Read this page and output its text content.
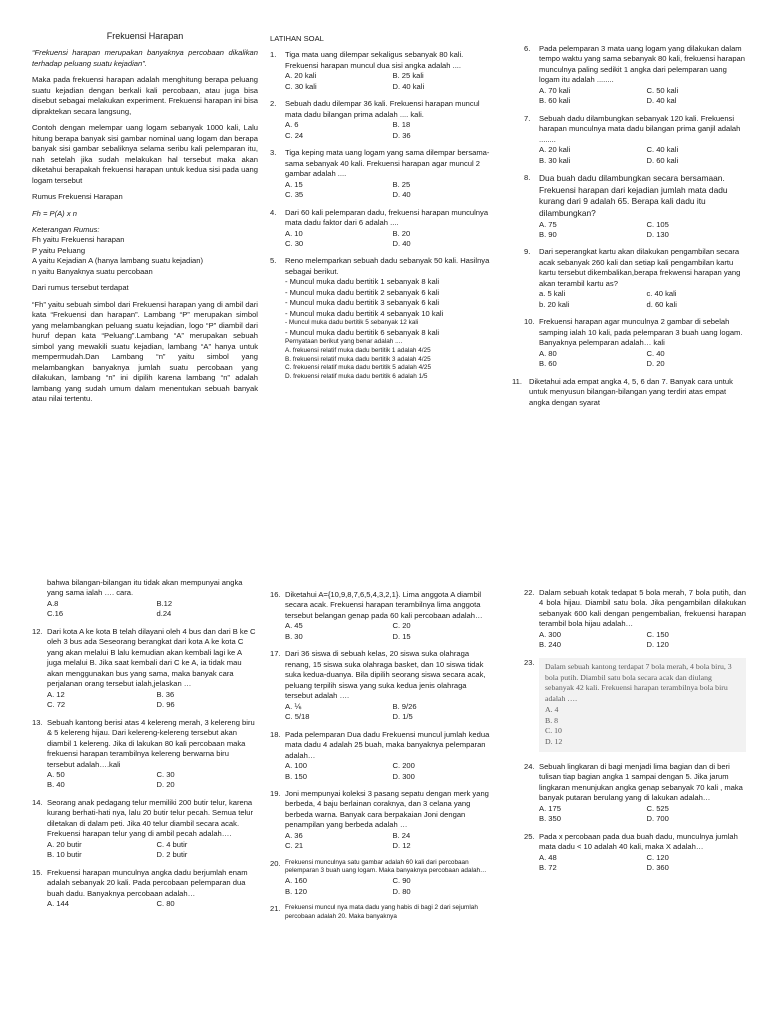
Frekuensi Harapan

“Frekuensi harapan merupakan banyaknya percobaan dikalikan terhadap peluang suatu kejadian”.

Maka pada frekuensi harapan adalah menghitung berapa peluang suatu kejadian dengan berkali kali percobaan, atau juga bisa disebut sebagai melakukan experiment. Frekuensi harapan ini bisa dipraktekan secara langsung,

Contoh dengan melempar uang logam sebanyak 1000 kali, Lalu hitung berapa banyak sisi gambar nominal uang logam dan berapa banyak sisi gambar sebaliknya selama seribu kali pelemparan itu, nah setelah jika sudah melakukan hal tersebut maka akan diketahui berapakah frekuensi harapan untuk kedua sisi pada uang logam tersebut

Rumus Frekuensi Harapan

Fh = P(A) x n

Keterangan Rumus:
Fh yaitu Frekuensi harapan
P yaitu Peluang
A yaitu Kejadian A (hanya lambang suatu kejadian)

n yaitu Banyaknya suatu percobaan

Dari rumus tersebut terdapat

“Fh” yaitu sebuah simbol dari Frekuensi harapan yang di ambil dari kata “Frekuensi dan harapan”. Lambang “P” merupakan simbol yang melambangkan peluang suatu kejadian, logo “P” diambil dari huruf depan kata “Peluang”.Lambang “A” merupakan sebuah simbol yang mewakili suatu kejadian, lambang “A” hanya untuk mempermudah.Dan Lambang “n” yaitu simbol yang melambangkan banyaknya jumlah suatu percobaan yang dilakukan, lambang “n” ini dipilih karena lambang “n” adalah lambang yang sudah umum dalam menentukan sebuah banyak atau nilai tertentu.

LATIHAN SOAL
1.	Tiga mata uang dilempar sekaligus sebanyak 80 kali. Frekuensi harapan muncul dua sisi angka adalah ....
A. 20 kali	B. 25 kali
C. 30 kali	D. 40 kali
2.	Sebuah dadu dilempar 36 kali. Frekuensi harapan muncul mata dadu bilangan prima adalah .... kali.
A. 6	B. 18
C. 24	D. 36
3.	Tiga keping mata uang logam yang sama dilempar bersama-sama sebanyak 40 kali. Frekuensi harapan agar muncul 2 gambar adalah ....
A. 15	B. 25
C. 35	D. 40
4.	Dari 60 kali pelemparan dadu, frekuensi harapan munculnya mata dadu faktor dari 6 adalah ....
A. 10	B. 20
C. 30	D. 40
5.	Reno melemparkan sebuah dadu sebanyak 50 kali. Hasilnya sebagai berikut.
- Muncul muka dadu bertitik 1 sebanyak 8 kali
- Muncul muka dadu bertitik 2 sebanyak 6 kali
- Muncul muka dadu bertitik 3 sebanyak 6 kali
- Muncul muka dadu bertitik 4 sebanyak 10 kali
- Muncul muka dadu bertitik 5 sebanyak 12 kali
- Muncul muka dadu bertitik 6 sebanyak 8 kali
Pernyataan berikut yang benar adalah ....
A. frekuensi relatif muka dadu bertitik 1 adalah 4/25
B. frekuensi relatif muka dadu bertitik 3 adalah 4/25
C. frekuensi relatif muka dadu bertitik 5 adalah 4/25
D. frekuensi relatif muka dadu bertitik 6 adalah 1/5
6.	Pada pelemparan 3 mata uang logam yang dilakukan dalam tempo waktu yang sama sebanyak 80 kali, frekuensi harapan munculnya paling sedikit 1 angka dari pelemparan uang logam itu adalah ........
A. 70 kali	C. 50 kali
B. 60 kali	D. 40 kal
7.	Sebuah dadu dilambungkan sebanyak 120 kali. Frekuensi harapan munculnya mata dadu bilangan prima ganjil adalah ........
A. 20 kali	C. 40 kali
B. 30 kali	D. 60 kali
8.	Dua buah dadu dilambungkan secara bersamaan. Frekuensi harapan dari kejadian jumlah mata dadu kurang dari 9 adalah 65. Berapa kali dadu itu dilambungkan?
A. 75	C. 105
B. 90	D. 130
9.	Dari seperangkat kartu akan dilakukan pengambilan secara acak sebanyak 260 kali dan setiap kali pengambilan kartu kartu tersebut dikembalikan,berapa frekwensi harapan yang akan terambil kartu as?
a. 5 kali	c. 40 kali
b. 20 kali	d. 60 kali
10. Frekuensi harapan agar munculnya 2 gambar di sebelah samping ialah 10 kali, pada pelemparan 3 buah uang logam. Banyaknya pelemparan adalah… kali
A. 80	C. 40
B. 60	D. 20
11. Diketahui ada empat angka 4, 5, 6 dan 7. Banyak cara untuk untuk menyusun bilangan-bilangan yang terdiri atas empat angka dengan syarat
bahwa bilangan-bilangan itu tidak akan mempunyai angka yang sama ialah …. cara.
A.8	B.12
C.16	d.24
12. Dari kota A ke kota B telah dilayani oleh 4 bus dan dari B ke C oleh 3 bus ada Seseorang berangkat dari kota A ke kota C yang akan melalui B lalu kemudian akan kembali lagi ke A juga melalui B. Jika saat kembali dari C ke A, ia tidak mau akan menggunakan bus yang sama, maka banyak cara perjalanan orang tersebut ialah,jelaskan …
A. 12	B. 36
C. 72	D. 96
13. Sebuah kantong berisi atas 4 kelereng merah, 3 kelereng biru & 5 kelereng hijau. Dari kelereng-kelereng tersebut akan diambil 1 kelereng. Jika di lakukan 80 kali percobaan maka frekuensi harapan terambilnya kelereng berwarna biru tersebut adalah….kali
A. 50	C. 30
B. 40	D. 20
14. Seorang anak pedagang telur memiliki 200 butir telur, karena kurang berhati-hati nya, lalu 20 butir telur pecah. Semua telur diletakan di dalam peti. Jika 40 telur diambil secara acak. Frekuensi harapan telur yang di ambil pecah adalah….
A. 20 butir	C. 4 butir
B. 10 butir	D. 2 butir
15. Frekuensi harapan munculnya angka dadu berjumlah enam adalah sebanyak 20 kali. Pada percobaan pelemparan dua buah dadu. Banyaknya percobaan adalah…
A. 144	C. 80
16. Diketahui A={10,9,8,7,6,5,4,3,2,1}. Lima anggota A diambil secara acak. Frekuensi harapan terambilnya lima anggota tersebut belangan genap pada 60 kali percobaan adalah…
A. 45	C. 20
B. 30	D. 15
17. Dari 36 siswa di sebuah kelas, 20 siswa suka olahraga renang, 15 siswa suka olahraga basket, dan 10 siswa tidak suka kedua-duanya. Bila dipilih seorang siswa secara acak, peluang terpilih siswa yang suka kedua jenis olahraga tersebut adalah ….
A. ⅙	B. 9/26
C. 5/18	D. 1/5
18. Pada pelemparan Dua dadu Frekuensi muncul jumlah kedua mata dadu 4 adalah 25 buah, maka banyaknya pelemparan adalah…
A. 100	C. 200
B. 150	D. 300
19. Joni mempunyai koleksi 3 pasang sepatu dengan merk yang berbeda, 4 baju berlainan coraknya, dan 3 celana yang berbeda warna. Banyak cara berpakaian Joni dengan penampilan yang berbeda adalah …
A. 36	B. 24
C. 21	D. 12
20. Frekuensi munculnya satu gambar adalah 60 kali dari percobaan pelemparan 3 buah uang logam. Maka banyaknya percobaan adalah…
A. 160	C. 90
B. 120	D. 80
21. Frekuensi muncul nya mata dadu yang habis di bagi 2 dari sejumlah percobaan adalah 20. Maka banyaknya
22. Dalam sebuah kotak tedapat 5 bola merah, 7 bola putih, dan 4 bola hijau. Diambil satu bola. Jika pengambilan dilakukan sebanyak 600 kali dengan pengembalian, frekuensi harapan terambil bola hijau adalah…
A. 300	C. 150
B. 240	D. 120
23.	Dalam sebuah kantong terdapat 7 bola merah, 4 bola biru, 3 bola putih. Diambil satu bola secara acak dan diulang sebanyak 42 kali. Frekuensi harapan terambilnya bola biru adalah ….
A. 4
B. 8
C. 10
D. 12
24. Sebuah lingkaran di bagi menjadi lima bagian dan di beri tulisan tiap bagian angka 1 sampai dengan 5. Jika jarum lingkaran menunjukan angka genap sebanyak 70 kali , maka banyak putaran berulang yang di lakukan adalah…
A. 175	C. 525
B. 350	D. 700
25. Pada x percobaan pada dua buah dadu, munculnya jumlah mata dadu < 10 adalah 40 kali, maka X adalah…
A. 48	C. 120
B. 72	D. 360
